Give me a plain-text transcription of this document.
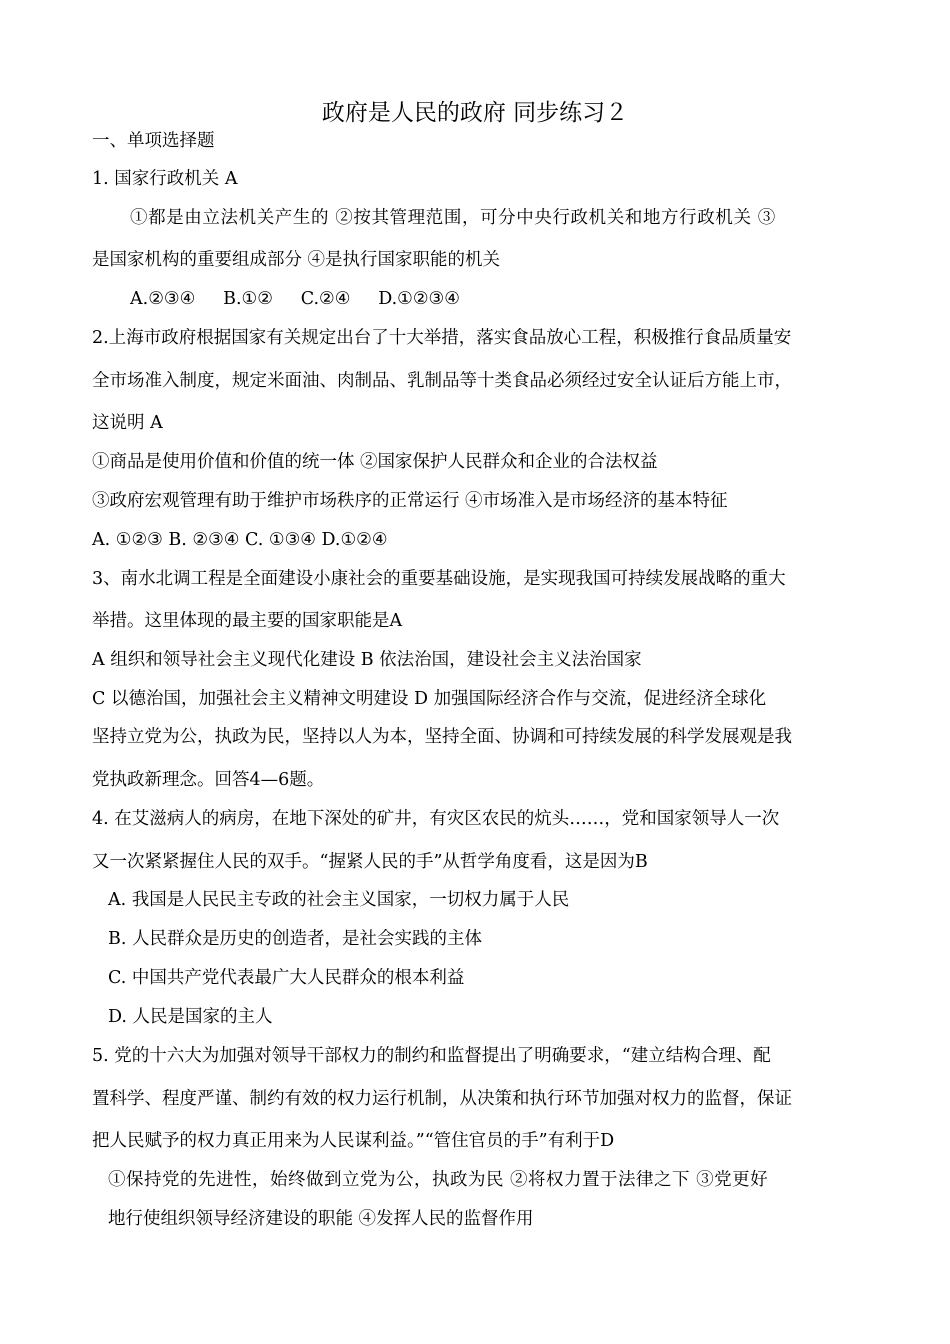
政府是人民的政府 同步练习２
一、单项选择题
1. 国家行政机关 A
①都是由立法机关产生的 ②按其管理范围，可分中央行政机关和地方行政机关 ③
是国家机构的重要组成部分 ④是执行国家职能的机关
A.②③④     B.①②     C.②④     D.①②③④
2.上海市政府根据国家有关规定出台了十大举措，落实食品放心工程，积极推行食品质量安
全市场准入制度，规定米面油、肉制品、乳制品等十类食品必须经过安全认证后方能上市，
这说明 A
①商品是使用价值和价值的统一体 ②国家保护人民群众和企业的合法权益
③政府宏观管理有助于维护市场秩序的正常运行 ④市场准入是市场经济的基本特征
A. ①②③ B. ②③④ C. ①③④ D.①②④
3、南水北调工程是全面建设小康社会的重要基础设施，是实现我国可持续发展战略的重大
举措。这里体现的最主要的国家职能是A
A 组织和领导社会主义现代化建设 B 依法治国，建设社会主义法治国家
C 以德治国，加强社会主义精神文明建设 D 加强国际经济合作与交流，促进经济全球化
坚持立党为公，执政为民，坚持以人为本，坚持全面、协调和可持续发展的科学发展观是我
党执政新理念。回答4—6题。
4. 在艾滋病人的病房，在地下深处的矿井，有灾区农民的炕头……，党和国家领导人一次
又一次紧紧握住人民的双手。“握紧人民的手”从哲学角度看，这是因为B
A. 我国是人民民主专政的社会主义国家，一切权力属于人民
B. 人民群众是历史的创造者，是社会实践的主体
C. 中国共产党代表最广大人民群众的根本利益
D. 人民是国家的主人
5. 党的十六大为加强对领导干部权力的制约和监督提出了明确要求，“建立结构合理、配
置科学、程度严谨、制约有效的权力运行机制，从决策和执行环节加强对权力的监督，保证
把人民赋予的权力真正用来为人民谋利益。”“管住官员的手”有利于D
①保持党的先进性，始终做到立党为公，执政为民 ②将权力置于法律之下 ③党更好
地行使组织领导经济建设的职能 ④发挥人民的监督作用
